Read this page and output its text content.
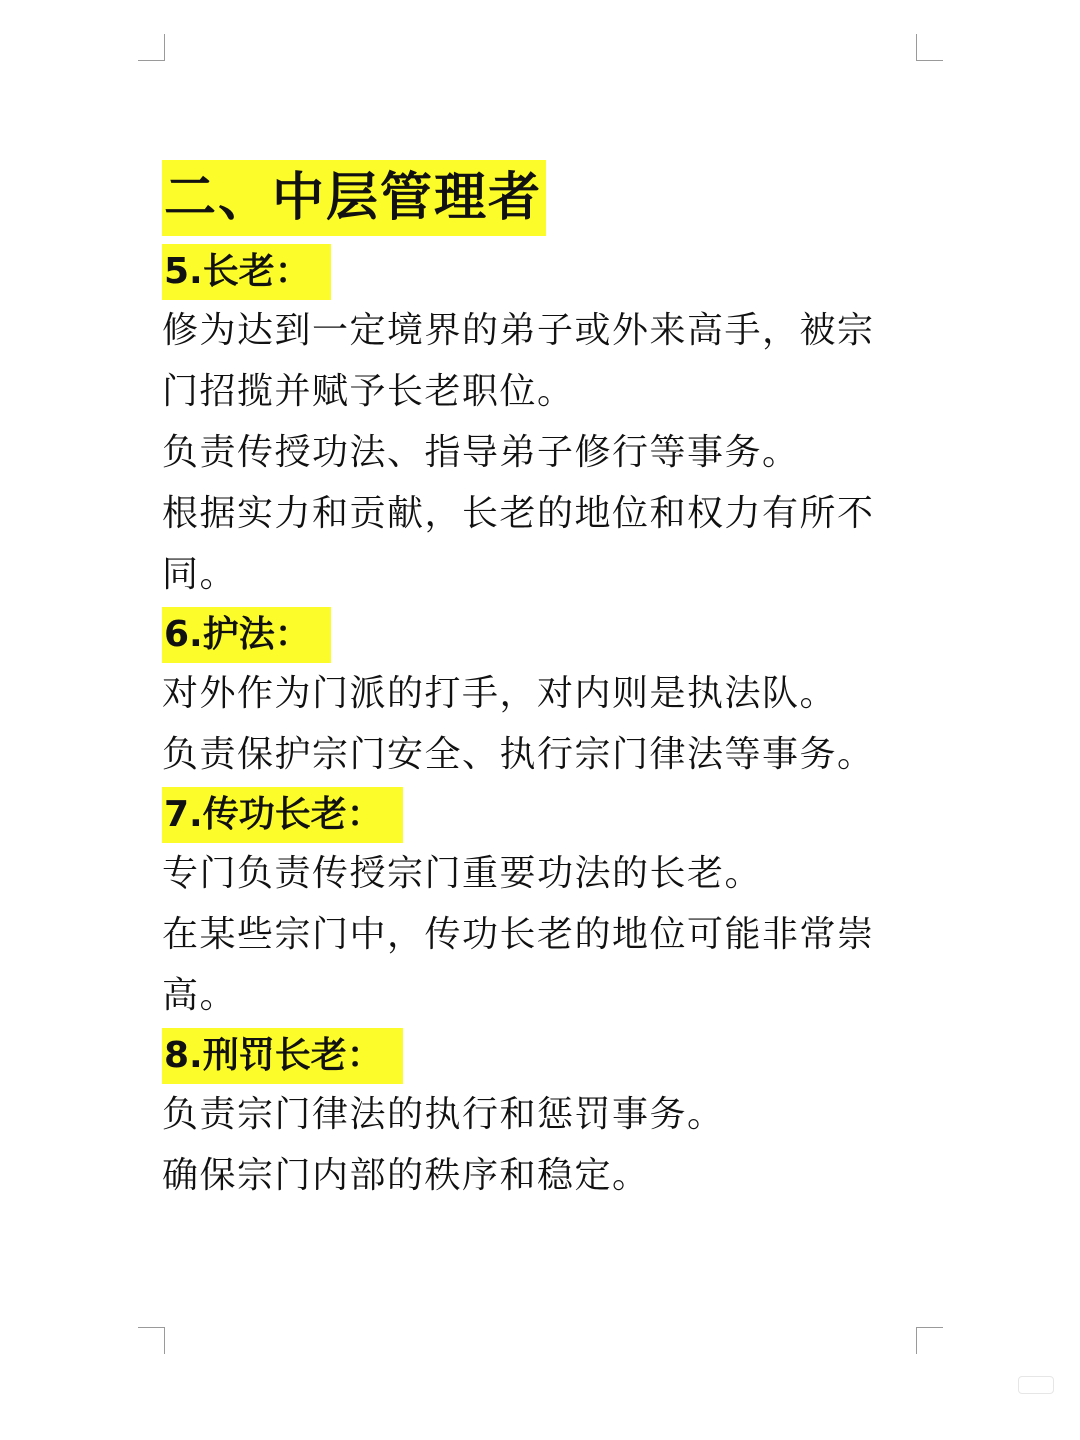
二、中层管理者
5.长老：

修为达到一定境界的弟子或外来高手，被宗

门招揽并赋予长老职位。

负责传授功法、指导弟子修行等事务。

根据实力和贡献，长老的地位和权力有所不

同。

6.护法：

对外作为门派的打手，对内则是执法队。

负责保护宗门安全、执行宗门律法等事务。

7.传功长老：

专门负责传授宗门重要功法的长老。

在某些宗门中，传功长老的地位可能非常崇

高。

8.刑罚长老：

负责宗门律法的执行和惩罚事务。

确保宗门内部的秩序和稳定。
